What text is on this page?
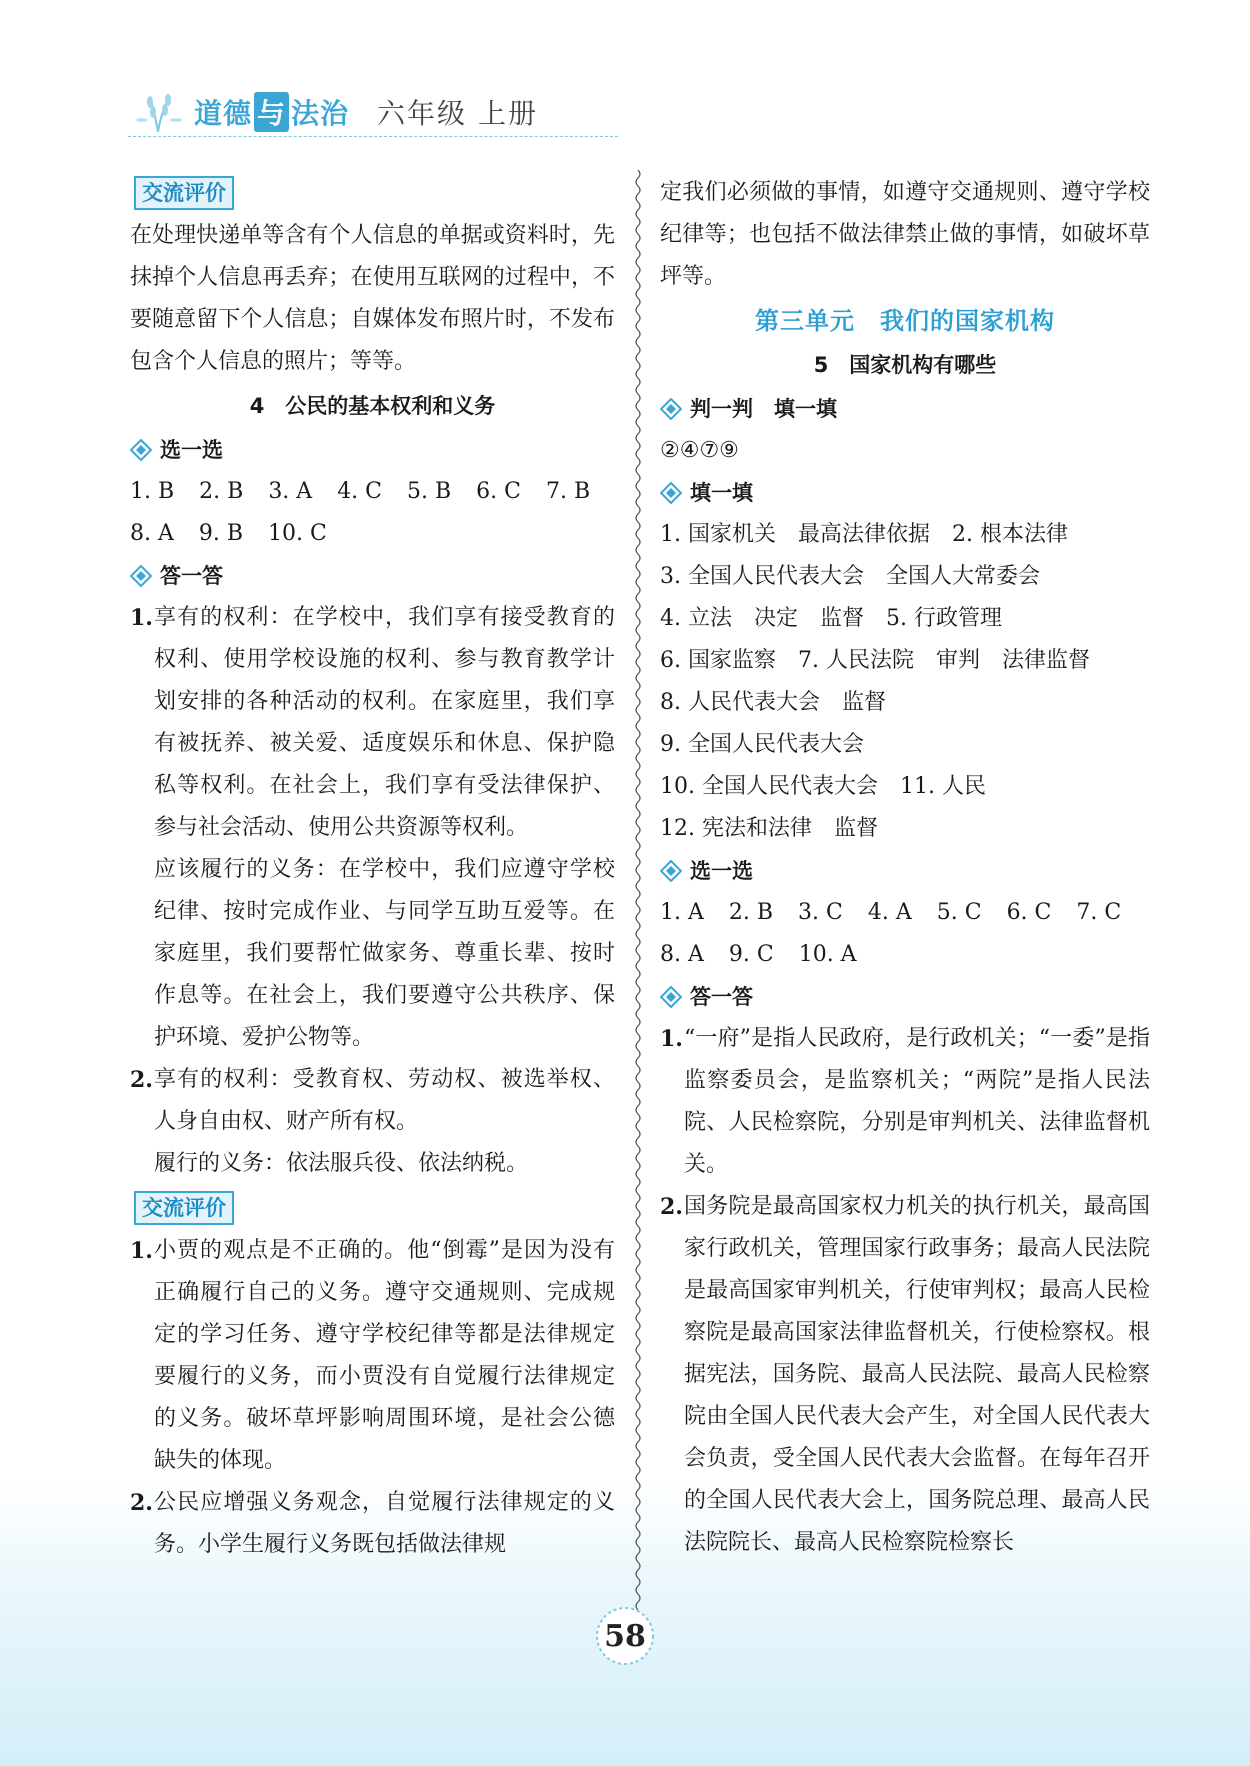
道德 与 法治 六年级 上册
交流评价

在处理快递单等含有个人信息的单据或资料时，先抹掉个人信息再丢弃；在使用互联网的过程中，不要随意留下个人信息；自媒体发布照片时，不发布包含个人信息的照片；等等。

4　公民的基本权利和义务
选一选
1. B 2. B 3. A 4. C 5. B 6. C 7. B
8. A 9. B 10. C
答一答
1. 享有的权利：在学校中，我们享有接受教育的权利、使用学校设施的权利、参与教育教学计划安排的各种活动的权利。在家庭里，我们享有被抚养、被关爱、适度娱乐和休息、保护隐私等权利。在社会上，我们享有受法律保护、参与社会活动、使用公共资源等权利。
应该履行的义务：在学校中，我们应遵守学校纪律、按时完成作业、与同学互助互爱等。在家庭里，我们要帮忙做家务、尊重长辈、按时作息等。在社会上，我们要遵守公共秩序、保护环境、爱护公物等。
2. 享有的权利：受教育权、劳动权、被选举权、人身自由权、财产所有权。
履行的义务：依法服兵役、依法纳税。
交流评价
1. 小贾的观点是不正确的。他“倒霉”是因为没有正确履行自己的义务。遵守交通规则、完成规定的学习任务、遵守学校纪律等都是法律规定要履行的义务，而小贾没有自觉履行法律规定的义务。破坏草坪影响周围环境，是社会公德缺失的体现。
2. 公民应增强义务观念，自觉履行法律规定的义务。小学生履行义务既包括做法律规

定我们必须做的事情，如遵守交通规则、遵守学校纪律等；也包括不做法律禁止做的事情，如破坏草坪等。

第三单元　我们的国家机构
5　国家机构有哪些
判一判　填一填
②④⑦⑨
填一填
1. 国家机关　最高法律依据　2. 根本法律
3. 全国人民代表大会　全国人大常委会
4. 立法　决定　监督　5. 行政管理
6. 国家监察　7. 人民法院　审判　法律监督
8. 人民代表大会　监督
9. 全国人民代表大会
10. 全国人民代表大会　11. 人民
12. 宪法和法律　监督
选一选
1. A 2. B 3. C 4. A 5. C 6. C 7. C
8. A 9. C 10. A
答一答
1. “一府”是指人民政府，是行政机关；“一委”是指监察委员会，是监察机关；“两院”是指人民法院、人民检察院，分别是审判机关、法律监督机关。
2. 国务院是最高国家权力机关的执行机关，最高国家行政机关，管理国家行政事务；最高人民法院是最高国家审判机关，行使审判权；最高人民检察院是最高国家法律监督机关，行使检察权。根据宪法，国务院、最高人民法院、最高人民检察院由全国人民代表大会产生，对全国人民代表大会负责，受全国人民代表大会监督。在每年召开的全国人民代表大会上，国务院总理、最高人民法院院长、最高人民检察院检察长
58
